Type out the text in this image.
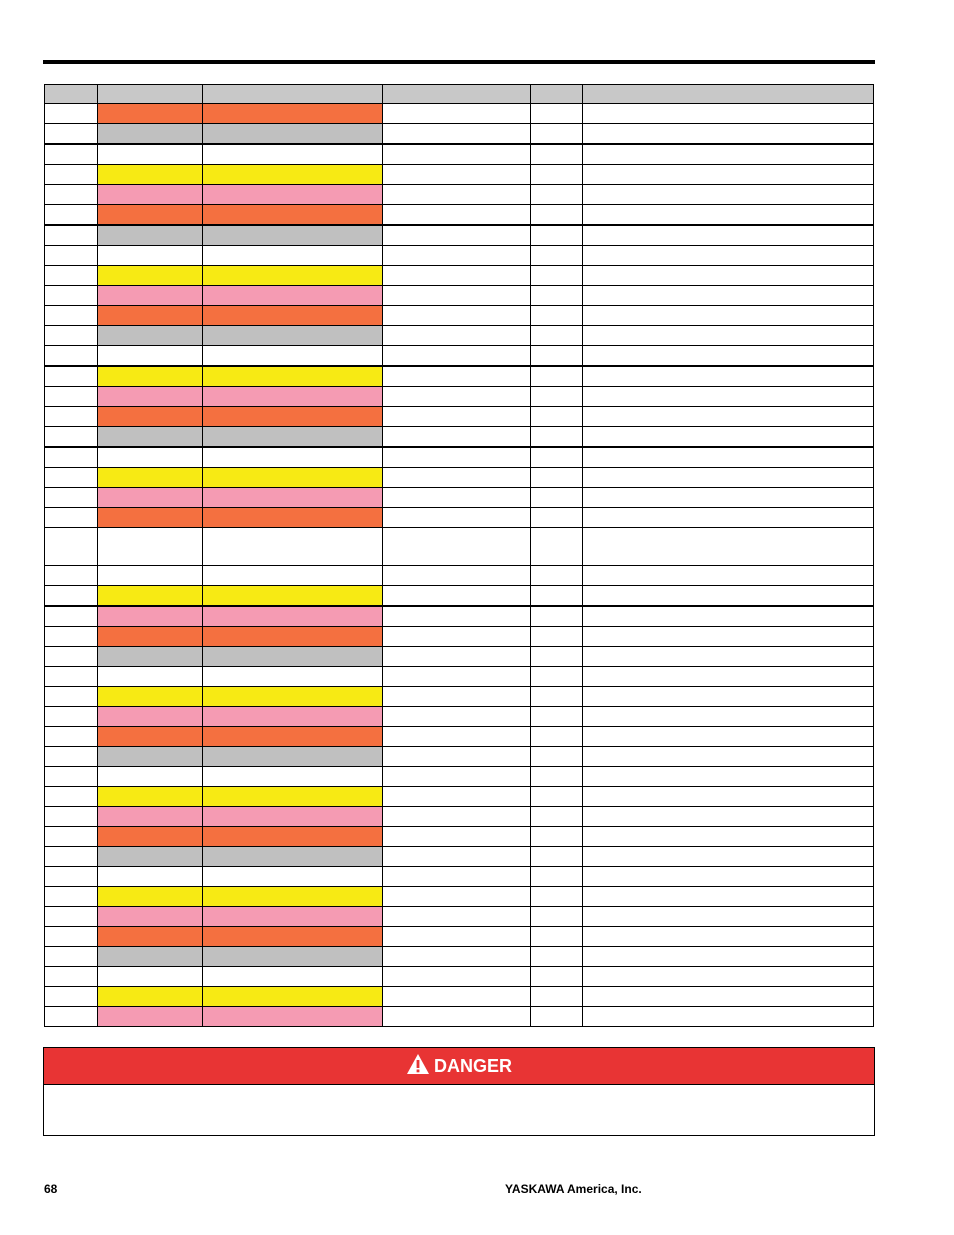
DANGER
68	YASKAWA America, Inc.
